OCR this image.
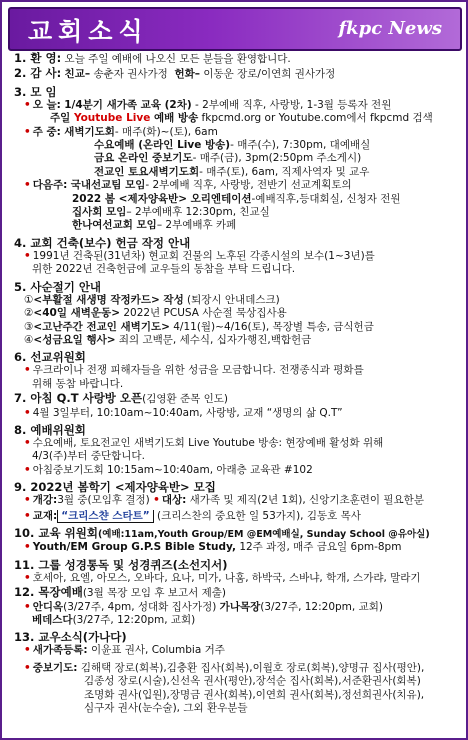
교회소식	fkpc News
1. 환 영: 오늘 주일 예배에 나오신 모든 분들을 환영합니다.
2. 감 사: 친교– 송춘자 권사가정 헌화– 이동운 장로/이연희 권사가정
3. 모 임
• 오 늘: 1/4분기 새가족 교육 (2차) - 2부예배 직후, 사랑방, 1-3월 등록자 전원
주일 Youtube Live 예배 방송 fkpcmd.org or Youtube.com에서 fkpcmd 검색
• 주 중: 새벽기도회- 매주(화)~(토), 6am
수요예배 (온라인 Live 방송)- 매주(수), 7:30pm, 대예배실
금요 온라인 중보기도- 매주(금), 3pm(2:50pm 주소게시)
전교인 토요새벽기도회- 매주(토), 6am, 직제사역자 및 교우
• 다음주: 국내선교팀 모임- 2부예배 직후, 사랑방, 전반기 선교계획토의
2022 봄 <제자양육반> 오리엔테이션-예배직후,등대회실, 신청자 전원
집사회 모임– 2부예배후 12:30pm, 친교실
한나여선교회 모임– 2부예배후 카페
4. 교회 건축(보수) 헌금 작정 안내
• 1991년 건축된(31년차) 현교회 건물의 노후된 각종시설의 보수(1~3년)를
위한 2022년 건축헌금에 교우들의 동참을 부탁 드립니다.
5. 사순절기 안내
①<부활절 새생명 작정카드> 작성 (퇴장시 안내데스크)
②<40일 새벽운동> 2022년 PCUSA 사순절 묵상집사용
③<고난주간 전교인 새벽기도> 4/11(월)~4/16(토), 목장별 특송, 금식헌금
④<성금요일 행사> 죄의 고백문, 세수식, 십자가행진,백합헌금
6. 선교위원회
• 우크라이나 전쟁 피해자들을 위한 성금을 모금합니다. 전쟁종식과 평화를
위해 동참 바랍니다.
7. 아침 Q.T 사랑방 오픈(김영환 준목 인도)
• 4월 3일부터, 10:10am~10:40am, 사랑방, 교재 “생명의 삶 Q.T”
8. 예배위원회
• 수요예배, 토요전교인 새벽기도회 Live Youtube 방송: 현장예배 활성화 위해
4/3(주)부터 중단합니다.
• 아침중보기도회 10:15am~10:40am, 아래층 교육관 #102
9. 2022년 봄학기 <제자양육반> 모집
• 개강:3월 중(모임후 결정) • 대상: 새가족 및 제직(2년 1회), 신앙기초훈련이 필요한분
• 교재: “크리스챤 스타트” (크리스찬의 중요한 일 53가지), 김동호 목사
10. 교육 위원회(예배:11am,Youth Group/EM @EM예배실, Sunday School @유아실)
• Youth/EM Group G.P.S Bible Study, 12주 과정, 매주 금요일 6pm-8pm
11. 그룹 성경통독 및 성경퀴즈(소선지서)
• 호세아, 요엘, 아모스, 오바다, 요나, 미가, 나훔, 하박국, 스바냐, 학개, 스가랴, 말라기
12. 목장예배(3월 목장 모임 후 보고서 제출)
• 안디옥(3/27주, 4pm, 성대화 집사가정) 가나목장(3/27주, 12:20pm, 교회)
베데스다(3/27주, 12:20pm, 교회)
13. 교우소식(가나다)
• 새가족등록: 이윤표 권사, Columbia 거주
• 중보기도: 김해택 장로(회복),김충환 집사(회복),이월호 장로(회복),양명규 집사(평안),
김종성 장로(시술),신선옥 권사(평안),장석순 집사(회복),서준환권사(회복)
조명화 권사(입원),장명금 권사(회복),이연희 권사(회복),정선희권사(치유),
심구자 권사(눈수술), 그외 환우분들
